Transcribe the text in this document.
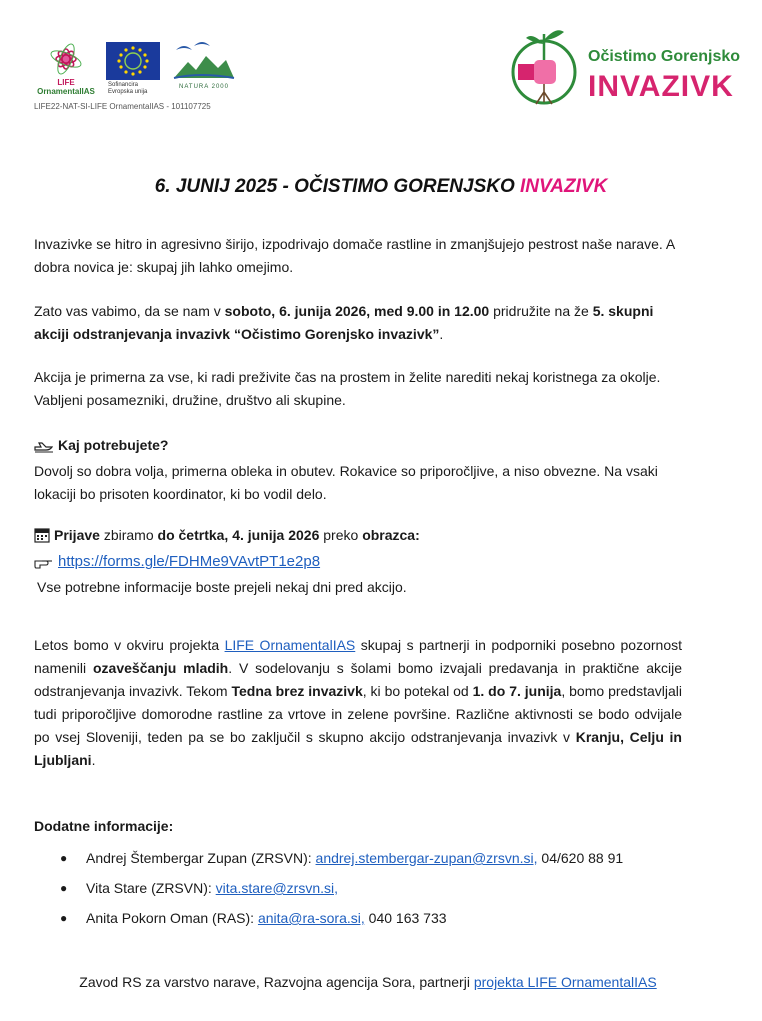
LIFE
OrnamentalIAS
Sofinancira
Evropska unija
NATURA 2000
LIFE22-NAT-SI-LIFE OrnamentalIAS - 101107725
Očistimo Gorenjsko
INVAZIVK
6. JUNIJ 2025 - OČISTIMO GORENJSKO INVAZIVK
Invazivke se hitro in agresivno širijo, izpodrivajo domače rastline in zmanjšujejo pestrost naše narave. A dobra novica je: skupaj jih lahko omejimo.
Zato vas vabimo, da se nam v soboto, 6. junija 2026, med 9.00 in 12.00 pridružite na že 5. skupni akciji odstranjevanja invazivk “Očistimo Gorenjsko invazivk”.
Akcija je primerna za vse, ki radi preživite čas na prostem in želite narediti nekaj koristnega za okolje. Vabljeni posamezniki, družine, društvo ali skupine.
Kaj potrebujete?
Dovolj so dobra volja, primerna obleka in obutev. Rokavice so priporočljive, a niso obvezne. Na vsaki lokaciji bo prisoten koordinator, ki bo vodil delo.
Prijave zbiramo do četrtka, 4. junija 2026 preko obrazca:
https://forms.gle/FDHMe9VAvtPT1e2p8
Vse potrebne informacije boste prejeli nekaj dni pred akcijo.
Letos bomo v okviru projekta LIFE OrnamentalIAS skupaj s partnerji in podporniki posebno pozornost namenili ozaveščanju mladih. V sodelovanju s šolami bomo izvajali predavanja in praktične akcije odstranjevanja invazivk. Tekom Tedna brez invazivk, ki bo potekal od 1. do 7. junija, bomo predstavljali tudi priporočljive domorodne rastline za vrtove in zelene površine. Različne aktivnosti se bodo odvijale po vsej Sloveniji, teden pa se bo zaključil s skupno akcijo odstranjevanja invazivk v Kranju, Celju in Ljubljani.
Dodatne informacije:
● Andrej Štembergar Zupan (ZRSVN): andrej.stembergar-zupan@zrsvn.si, 04/620 88 91
● Vita Stare (ZRSVN): vita.stare@zrsvn.si,
● Anita Pokorn Oman (RAS): anita@ra-sora.si, 040 163 733
Zavod RS za varstvo narave, Razvojna agencija Sora, partnerji projekta LIFE OrnamentalIAS
